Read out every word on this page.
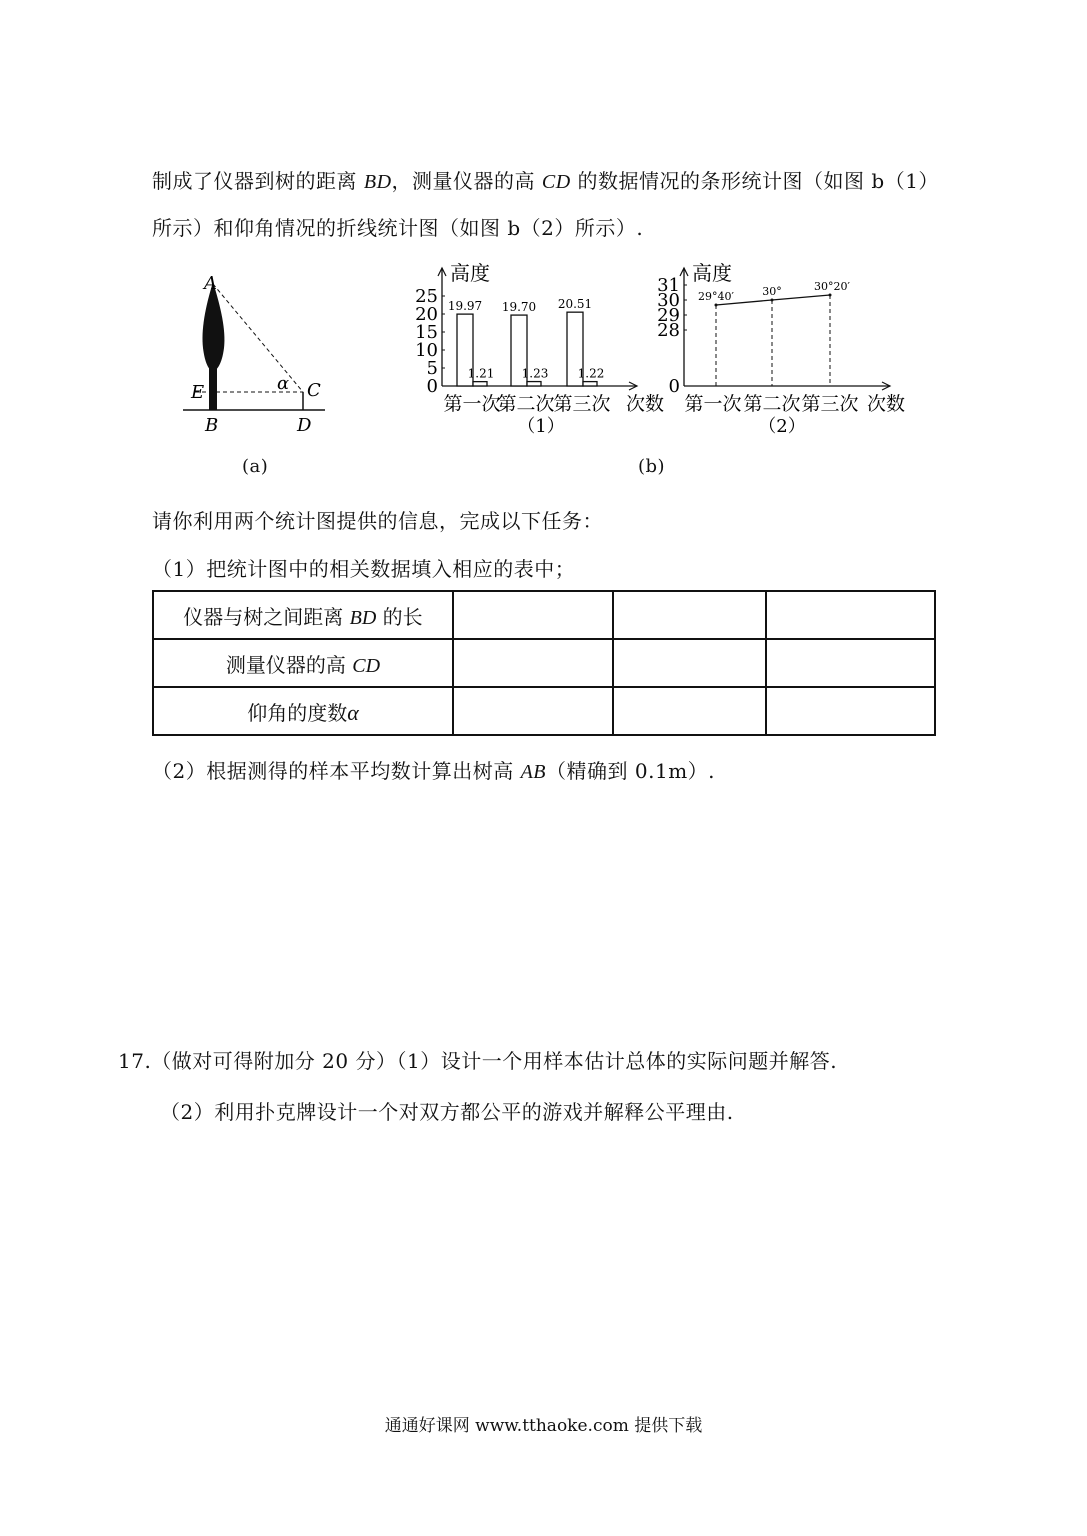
制成了仪器到树的距离 BD，测量仪器的高 CD 的数据情况的条形统计图（如图 b（1）
所示）和仰角情况的折线统计图（如图 b（2）所示）.
A
E	α C
B	D
(a)
高度
0
5
10
15
20
25 19.97
1.21
第一次
19.70
1.23
第二次
20.51
1.22
第三次 次数
（1）
高度
0
28
29
30
31
29°40′
第一次
30°
第二次
30°20′
第三次 次数
（2）
(b)
请你利用两个统计图提供的信息，完成以下任务：
（1）把统计图中的相关数据填入相应的表中；
仪器与树之间距离 BD 的长			
测量仪器的高 CD			
仰角的度数α			
（2）根据测得的样本平均数计算出树高 AB（精确到 0.1m）.
17.（做对可得附加分 20 分）（1）设计一个用样本估计总体的实际问题并解答.
（2）利用扑克牌设计一个对双方都公平的游戏并解释公平理由.
通通好课网 www.tthaoke.com 提供下载
